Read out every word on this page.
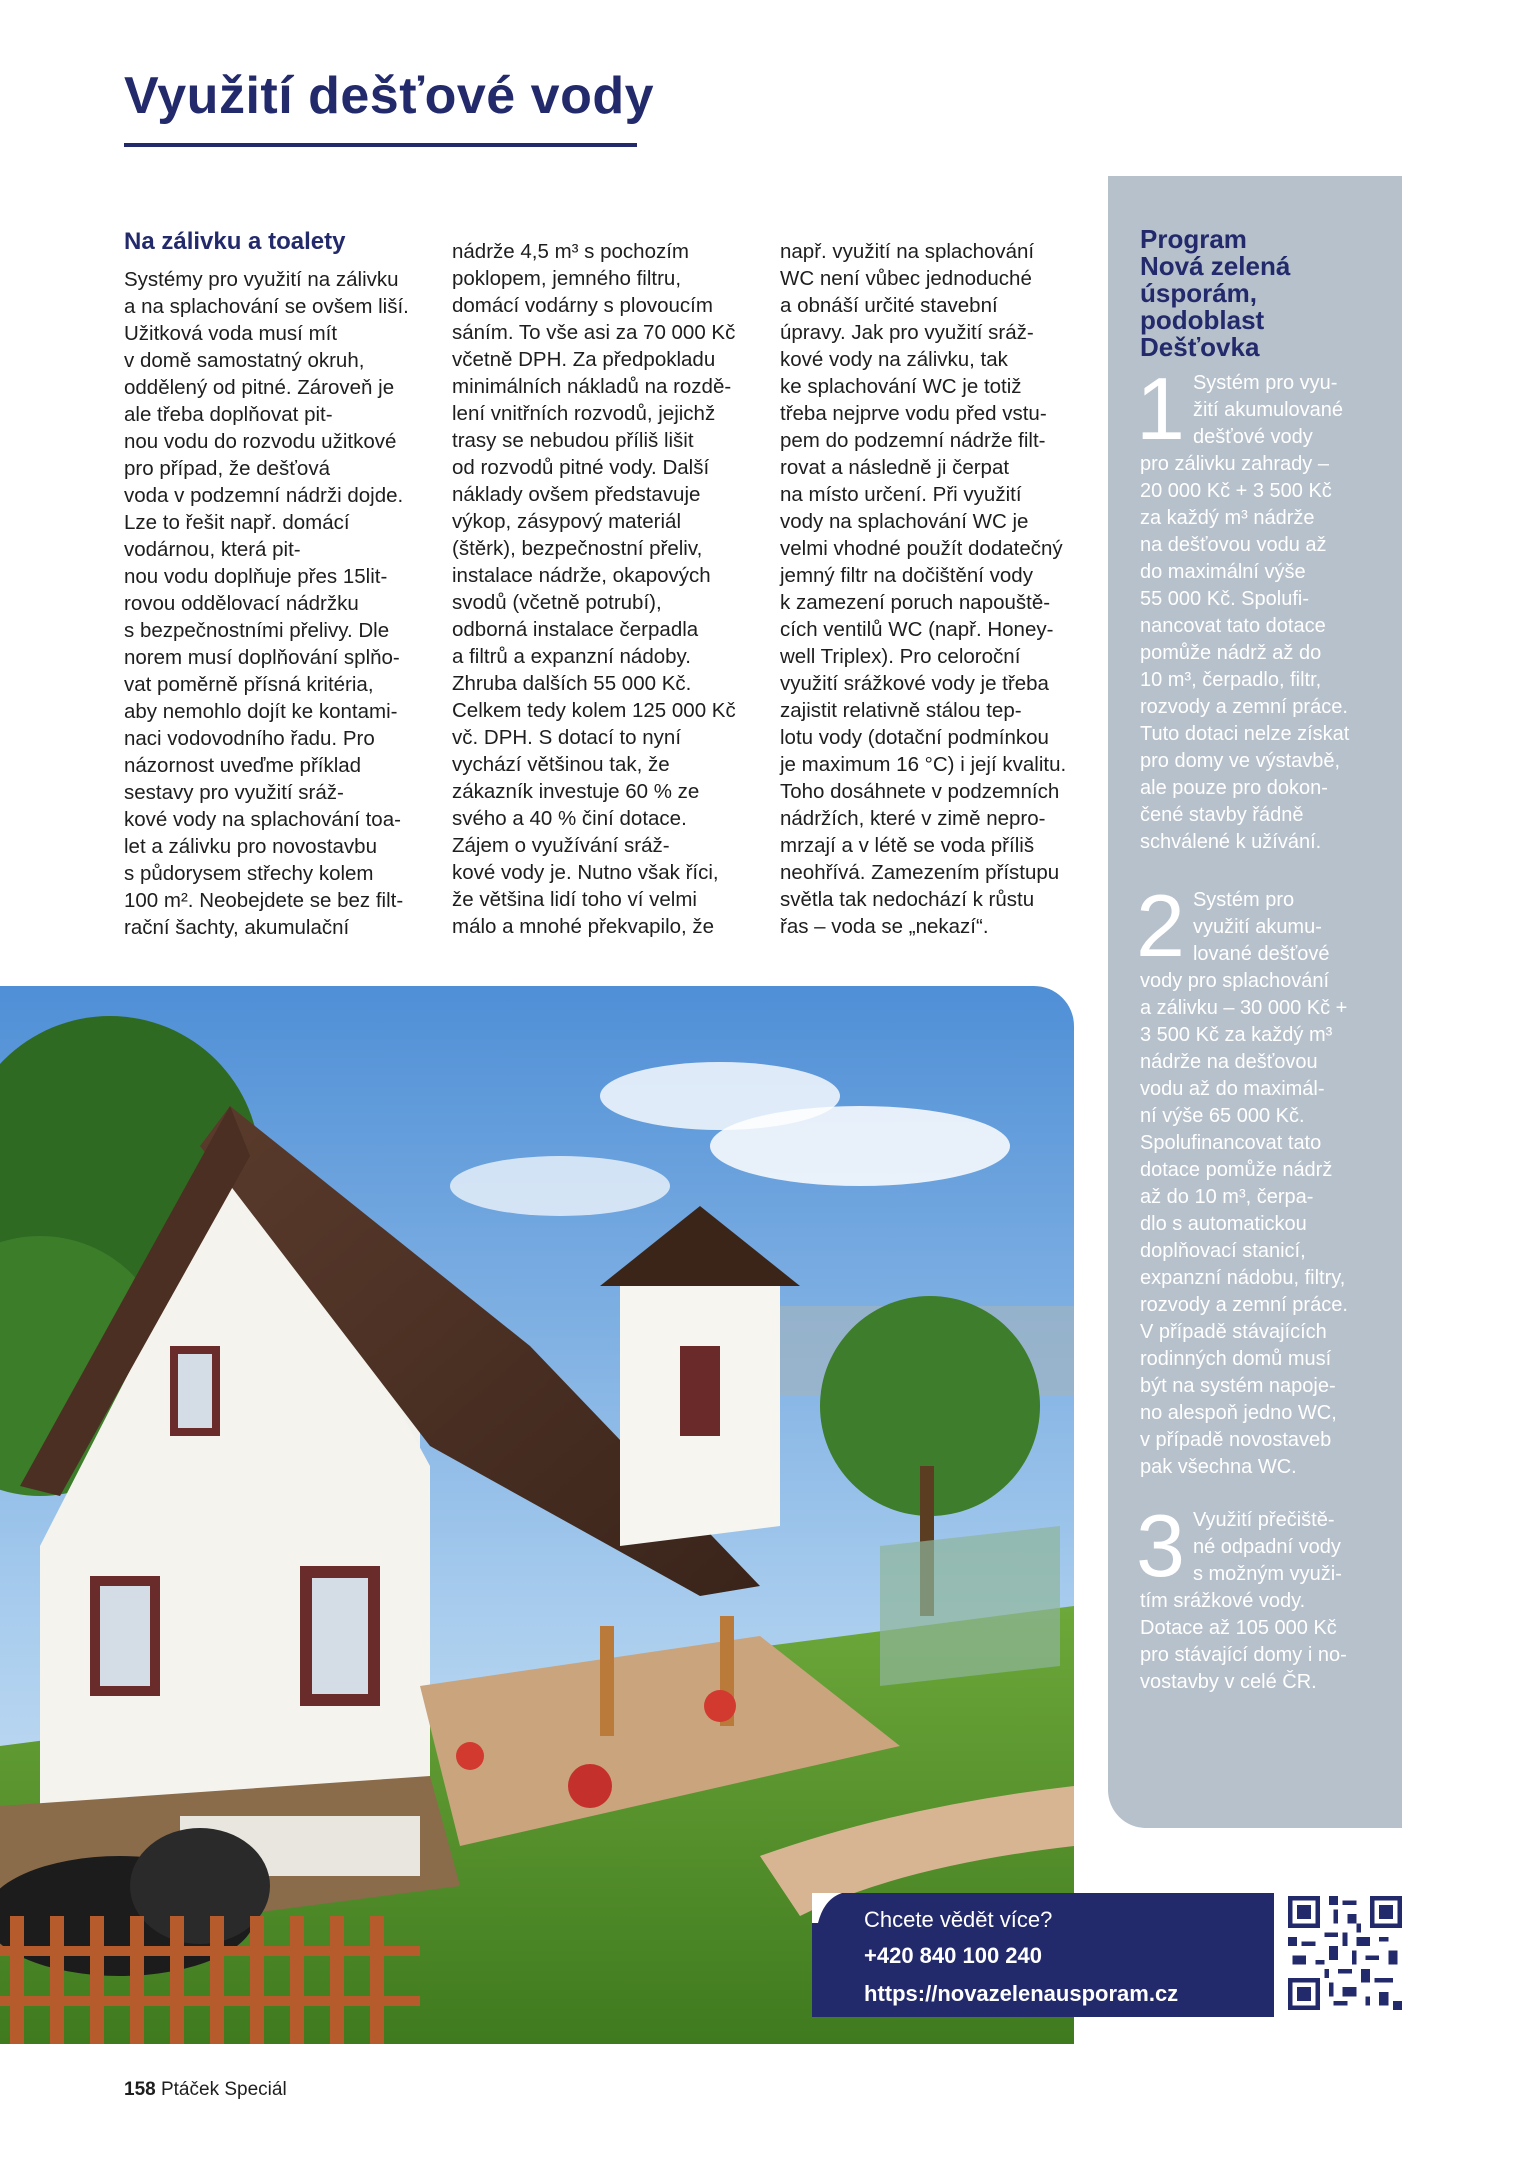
Využití dešťové vody
Na zálivku a toalety

Systémy pro využití na zálivku
a na splachování se ovšem liší.
Užitková voda musí mít
v domě samostatný okruh,
oddělený od pitné. Zároveň je
ale třeba doplňovat pit-
nou vodu do rozvodu užitkové
pro případ, že dešťová
voda v podzemní nádrži dojde.
Lze to řešit např. domácí
vodárnou, která pit-
nou vodu doplňuje přes 15lit-
rovou oddělovací nádržku
s bezpečnostními přelivy. Dle
norem musí doplňování splňo-
vat poměrně přísná kritéria,
aby nemohlo dojít ke kontami-
naci vodovodního řadu. Pro
názornost uveďme příklad
sestavy pro využití sráž-
kové vody na splachování toa-
let a zálivku pro novostavbu
s půdorysem střechy kolem
100 m². Neobejdete se bez filt-
rační šachty, akumulační

nádrže 4,5 m³ s pochozím
poklopem, jemného filtru,
domácí vodárny s plovoucím
sáním. To vše asi za 70 000 Kč
včetně DPH. Za předpokladu
minimálních nákladů na rozdě-
lení vnitřních rozvodů, jejichž
trasy se nebudou příliš lišit
od rozvodů pitné vody. Další
náklady ovšem představuje
výkop, zásypový materiál
(štěrk), bezpečnostní přeliv,
instalace nádrže, okapových
svodů (včetně potrubí),
odborná instalace čerpadla
a filtrů a expanzní nádoby.
Zhruba dalších 55 000 Kč.
Celkem tedy kolem 125 000 Kč
vč. DPH. S dotací to nyní
vychází většinou tak, že
zákazník investuje 60 % ze
svého a 40 % činí dotace.
Zájem o využívání sráž-
kové vody je. Nutno však říci,
že většina lidí toho ví velmi
málo a mnohé překvapilo, že

např. využití na splachování
WC není vůbec jednoduché
a obnáší určité stavební
úpravy. Jak pro využití sráž-
kové vody na zálivku, tak
ke splachování WC je totiž
třeba nejprve vodu před vstu-
pem do podzemní nádrže filt-
rovat a následně ji čerpat
na místo určení. Při využití
vody na splachování WC je
velmi vhodné použít dodatečný
jemný filtr na dočištění vody
k zamezení poruch napouště-
cích ventilů WC (např. Honey-
well Triplex). Pro celoroční
využití srážkové vody je třeba
zajistit relativně stálou tep-
lotu vody (dotační podmínkou
je maximum 16 °C) i její kvalitu.
Toho dosáhnete v podzemních
nádržích, které v zimě nepro-
mrzají a v létě se voda příliš
neohřívá. Zamezením přístupu
světla tak nedochází k růstu
řas – voda se „nekazí“.

Program
Nová zelená
úsporám,
podoblast
Dešťovka
1 Systém pro vyu-
žití akumulované
dešťové vody
pro zálivku zahrady –
20 000 Kč + 3 500 Kč
za každý m³ nádrže
na dešťovou vodu až
do maximální výše
55 000 Kč. Spolufi-
nancovat tato dotace
pomůže nádrž až do
10 m³, čerpadlo, filtr,
rozvody a zemní práce.
Tuto dotaci nelze získat
pro domy ve výstavbě,
ale pouze pro dokon-
čené stavby řádně
schválené k užívání.

2 Systém pro
využití akumu-
lované dešťové
vody pro splachování
a zálivku – 30 000 Kč +
3 500 Kč za každý m³
nádrže na dešťovou
vodu až do maximál-
ní výše 65 000 Kč.
Spolufinancovat tato
dotace pomůže nádrž
až do 10 m³, čerpa-
dlo s automatickou
doplňovací stanicí,
expanzní nádobu, filtry,
rozvody a zemní práce.
V případě stávajících
rodinných domů musí
být na systém napoje-
no alespoň jedno WC,
v případě novostaveb
pak všechna WC.

3 Využití přečiště-
né odpadní vody
s možným využi-
tím srážkové vody.
Dotace až 105 000 Kč
pro stávající domy i no-
vostavby v celé ČR.

Chcete vědět více?
+420 840 100 240
https://novazelenausporam.cz
158 Ptáček Speciál
